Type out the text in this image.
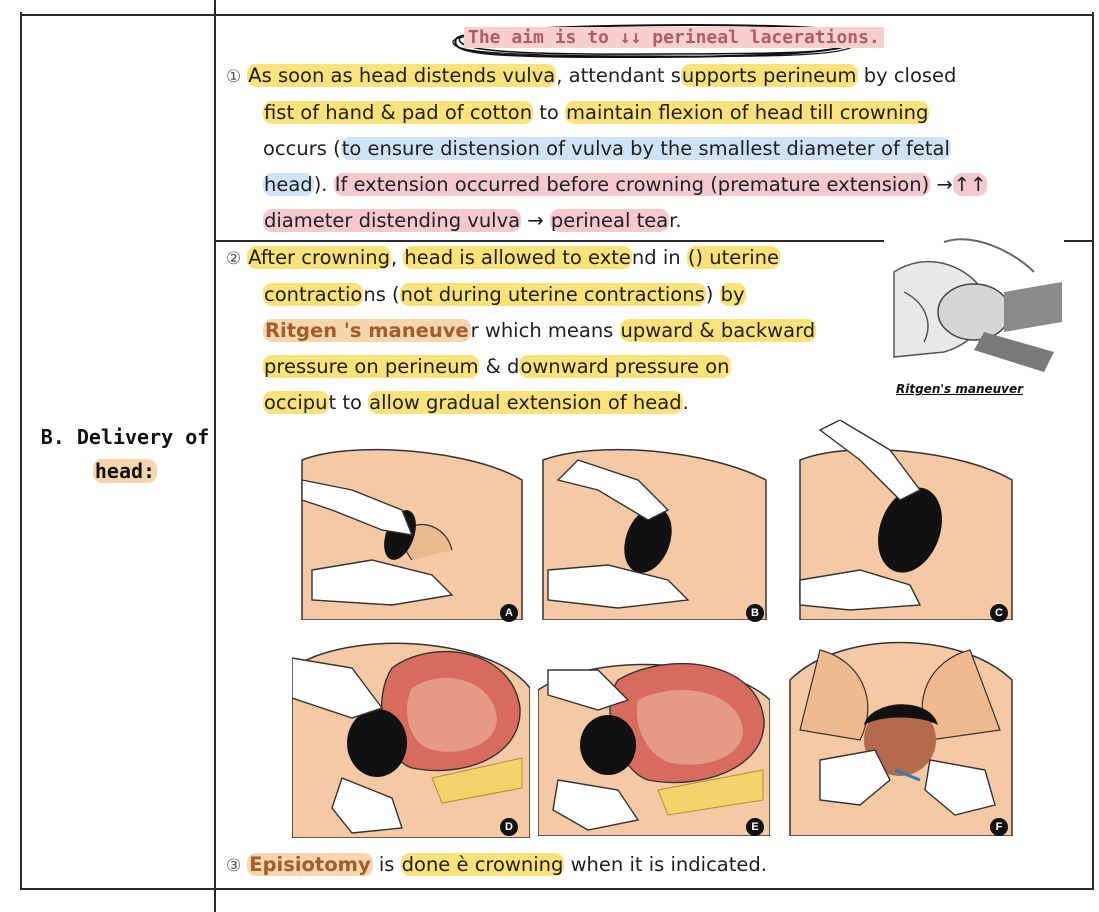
The aim is to ↓↓ perineal lacerations.
① As soon as head distends vulva, attendant supports perineum by closed
fist of hand & pad of cotton to maintain flexion of head till crowning
occurs (to ensure distension of vulva by the smallest diameter of fetal
head). If extension occurred before crowning (premature extension) →↑↑
diameter distending vulva → perineal tear.
② After crowning, head is allowed to extend in () uterine
contractions (not during uterine contractions) by
Ritgen 's maneuve r which means upward & backward
pressure on perineum & downward pressure on
occiput to allow gradual extension of head.
Ritgen's maneuver
B. Delivery of
head:
A	B	C
D	E	F
③ Episiotomy is done è crowning when it is indicated.
